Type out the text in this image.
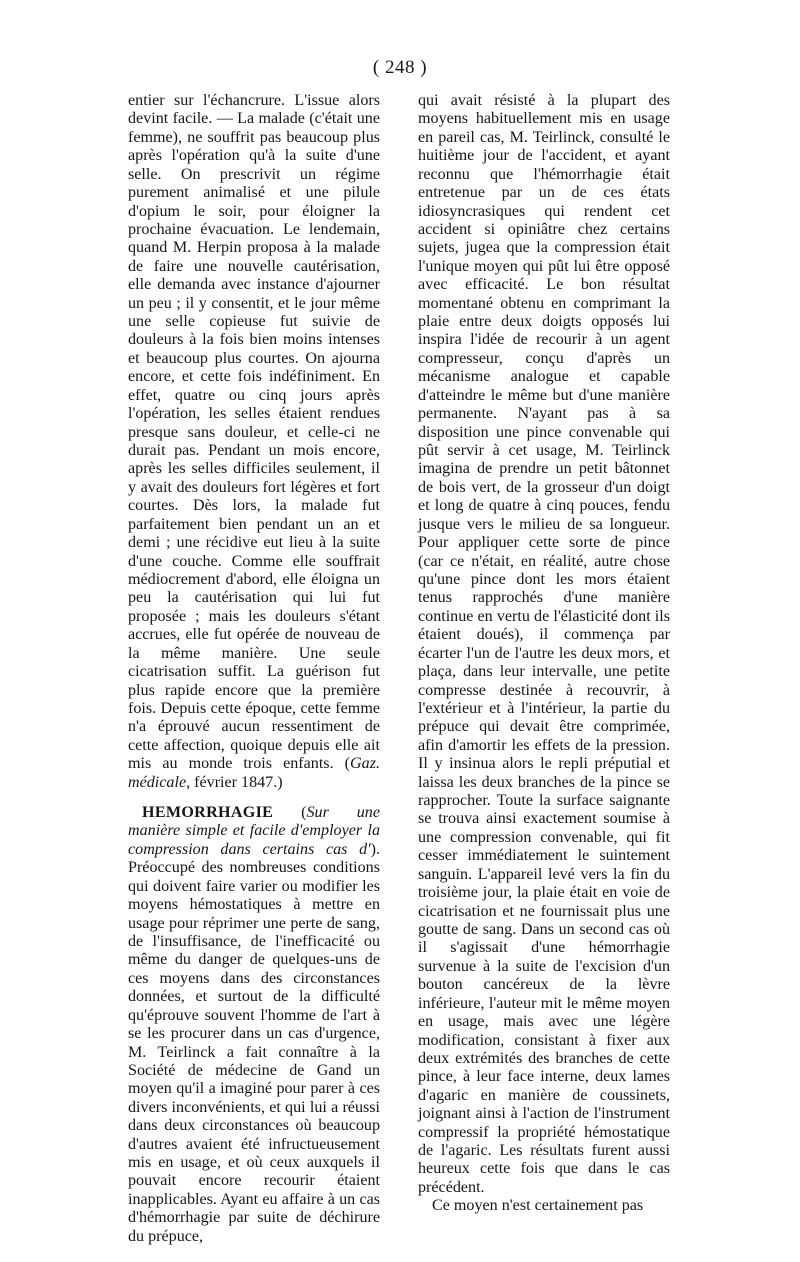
( 248 )

entier sur l'échancrure. L'issue alors devint facile. — La malade (c'était une femme), ne souffrit pas beaucoup plus après l'opération qu'à la suite d'une selle. On prescrivit un régime purement animalisé et une pilule d'opium le soir, pour éloigner la prochaine évacuation. Le lendemain, quand M. Herpin proposa à la malade de faire une nouvelle cautérisation, elle demanda avec instance d'ajourner un peu ; il y consentit, et le jour même une selle copieuse fut suivie de douleurs à la fois bien moins intenses et beaucoup plus courtes. On ajourna encore, et cette fois indéfiniment. En effet, quatre ou cinq jours après l'opération, les selles étaient rendues presque sans douleur, et celle-ci ne durait pas. Pendant un mois encore, après les selles difficiles seulement, il y avait des douleurs fort légères et fort courtes. Dès lors, la malade fut parfaitement bien pendant un an et demi ; une récidive eut lieu à la suite d'une couche. Comme elle souffrait médiocrement d'abord, elle éloigna un peu la cautérisation qui lui fut proposée ; mais les douleurs s'étant accrues, elle fut opérée de nouveau de la même manière. Une seule cicatrisation suffit. La guérison fut plus rapide encore que la première fois. Depuis cette époque, cette femme n'a éprouvé aucun ressentiment de cette affection, quoique depuis elle ait mis au monde trois enfants. (Gaz. médicale, février 1847.)

HEMORRHAGIE (Sur une manière simple et facile d'employer la compression dans certains cas d'). Préoccupé des nombreuses conditions qui doivent faire varier ou modifier les moyens hémostatiques à mettre en usage pour réprimer une perte de sang, de l'insuffisance, de l'inefficacité ou même du danger de quelques-uns de ces moyens dans des circonstances données, et surtout de la difficulté qu'éprouve souvent l'homme de l'art à se les procurer dans un cas d'urgence, M. Teirlinck a fait connaître à la Société de médecine de Gand un moyen qu'il a imaginé pour parer à ces divers inconvénients, et qui lui a réussi dans deux circonstances où beaucoup d'autres avaient été infructueusement mis en usage, et où ceux auxquels il pouvait encore recourir étaient inapplicables. Ayant eu affaire à un cas d'hémorrhagie par suite de déchirure du prépuce,

qui avait résisté à la plupart des moyens habituellement mis en usage en pareil cas, M. Teirlinck, consulté le huitième jour de l'accident, et ayant reconnu que l'hémorrhagie était entretenue par un de ces états idiosyncrasiques qui rendent cet accident si opiniâtre chez certains sujets, jugea que la compression était l'unique moyen qui pût lui être opposé avec efficacité. Le bon résultat momentané obtenu en comprimant la plaie entre deux doigts opposés lui inspira l'idée de recourir à un agent compresseur, conçu d'après un mécanisme analogue et capable d'atteindre le même but d'une manière permanente. N'ayant pas à sa disposition une pince convenable qui pût servir à cet usage, M. Teirlinck imagina de prendre un petit bâtonnet de bois vert, de la grosseur d'un doigt et long de quatre à cinq pouces, fendu jusque vers le milieu de sa longueur. Pour appliquer cette sorte de pince (car ce n'était, en réalité, autre chose qu'une pince dont les mors étaient tenus rapprochés d'une manière continue en vertu de l'élasticité dont ils étaient doués), il commença par écarter l'un de l'autre les deux mors, et plaça, dans leur intervalle, une petite compresse destinée à recouvrir, à l'extérieur et à l'intérieur, la partie du prépuce qui devait être comprimée, afin d'amortir les effets de la pression. Il y insinua alors le repli préputial et laissa les deux branches de la pince se rapprocher. Toute la surface saignante se trouva ainsi exactement soumise à une compression convenable, qui fit cesser immédiatement le suintement sanguin. L'appareil levé vers la fin du troisième jour, la plaie était en voie de cicatrisation et ne fournissait plus une goutte de sang. Dans un second cas où il s'agissait d'une hémorrhagie survenue à la suite de l'excision d'un bouton cancéreux de la lèvre inférieure, l'auteur mit le même moyen en usage, mais avec une légère modification, consistant à fixer aux deux extrémités des branches de cette pince, à leur face interne, deux lames d'agaric en manière de coussinets, joignant ainsi à l'action de l'instrument compressif la propriété hémostatique de l'agaric. Les résultats furent aussi heureux cette fois que dans le cas précédent.

Ce moyen n'est certainement pas
